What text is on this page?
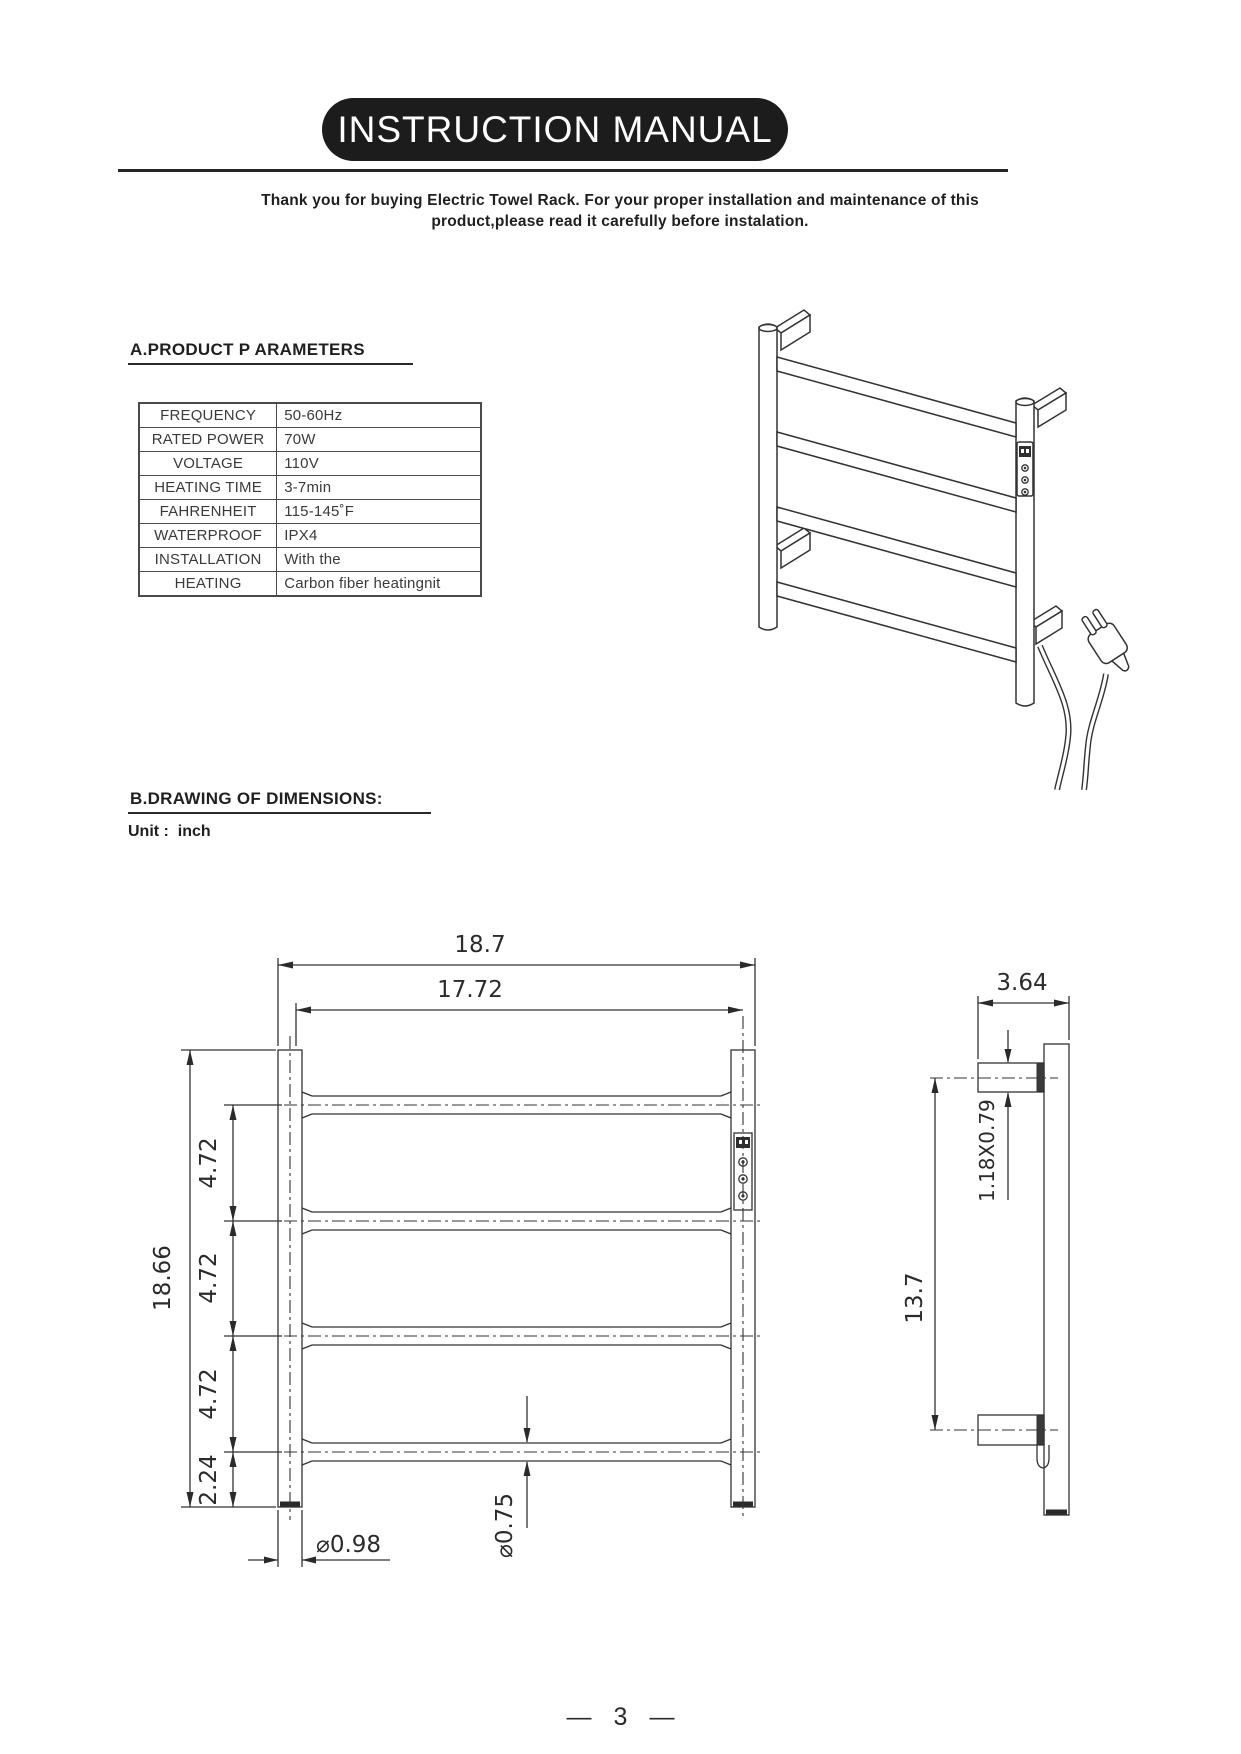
INSTRUCTION MANUAL
Thank you for buying Electric Towel Rack. For your proper installation and maintenance of this
product,please read it carefully before instalation.
A.PRODUCT P ARAMETERS
FREQUENCY	50-60Hz
RATED POWER	70W
VOLTAGE	110V
HEATING TIME	3-7min
FAHRENHEIT	115-145˚F
WATERPROOF	IPX4
INSTALLATION	With the
HEATING	Carbon fiber heatingnit
B.DRAWING OF DIMENSIONS:
Unit :  inch
18.7
17.72
18.66
4.72
4.72
4.72
2.24
⌀0.98	⌀0.75
3.64
1.18X0.79
13.7
— 3 —
